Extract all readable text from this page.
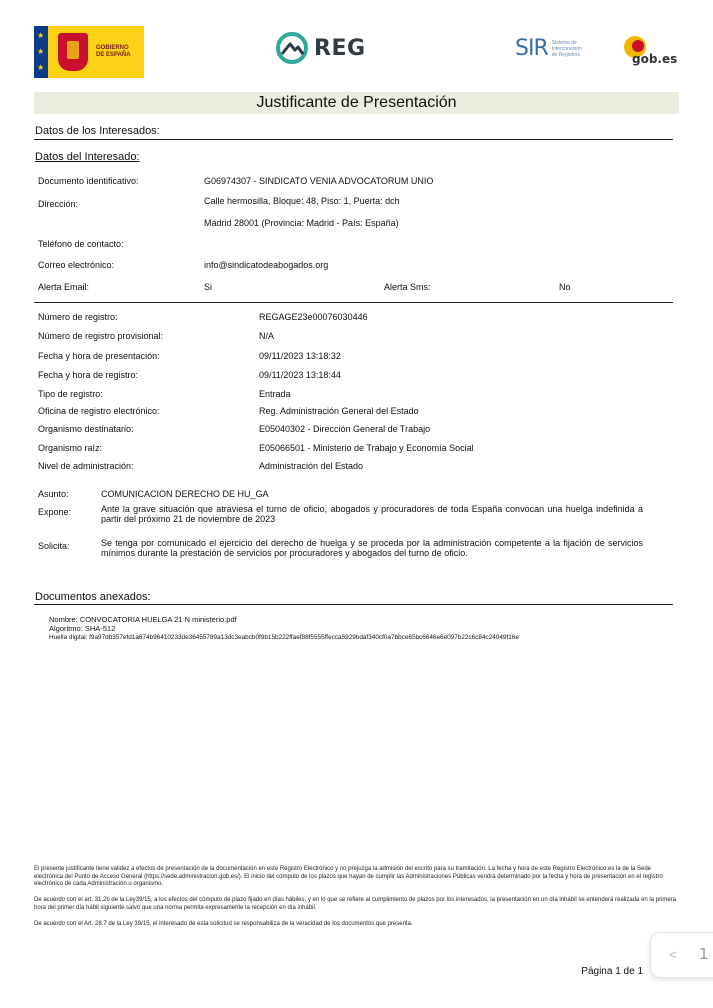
★
★
★
GOBIERNO
DE ESPAÑA	REG	SIR Sistema de
Interconexión
de Registros	gob.es
Justificante de Presentación
Datos de los Interesados:
Datos del Interesado:
Documento identificativo:	G06974307 - SINDICATO VENIA ADVOCATORUM UNIO
Dirección:	Calle hermosilla, Bloque: 48, Piso: 1, Puerta: dch
Madrid 28001 (Provincia: Madrid - País: España)
Teléfono de contacto:
Correo electrónico:	info@sindicatodeabogados.org
Alerta Email:	Si	Alerta Sms:	No
Número de registro:	REGAGE23e00076030446
Número de registro provisional:	N/A
Fecha y hora de presentación:	09/11/2023 13:18:32
Fecha y hora de registro:	09/11/2023 13:18:44
Tipo de registro:	Entrada
Oficina de registro electrónico:	Reg. Administración General del Estado
Organismo destinatario:	E05040302 - Dirección General de Trabajo
Organismo raíz:	E05066501 - Ministerio de Trabajo y Economía Social
Nivel de administración:	Administración del Estado
Asunto:	COMUNICACION DERECHO DE HU_GA
Expone:	Ante la grave situación que atraviesa el turno de oficio, abogados y procuradores de toda España convocan una huelga indefinida a partir del próximo 21 de noviembre de 2023
Solicita:	Se tenga por comunicado el ejercicio del derecho de huelga y se proceda por la administración competente a la fijación de servicios mínimos durante la prestación de servicios por procuradores y abogados del turno de oficio.
Documentos anexados:
Nombre: CONVOCATORIA HUELGA 21 N ministerio.pdf
Algoritmo: SHA-512
Huella digital: f9a97db357efd1a674b96410233de36455789a13dc3eabcb0f9b15b222ffaef88f5555ffecca5929bdaf340cf0a7bbce65bc6646e6e097b22c6c84c24049f16e
El presente justificante tiene validez a efectos de presentación de la documentación en este Registro Electrónico y no prejuzga la admisión del escrito para su tramitación. La fecha y hora de este Registro Electrónico es la de la Sede electrónica del Punto de Acceso General (https://sede.administracion.gob.es/). El inicio del cómputo de los plazos que hayan de cumplir las Administraciones Públicas vendrá determinado por la fecha y hora de presentación en el registro electrónico de cada Administración u organismo.
De acuerdo con el art. 31.2b de la Ley39/15, a los efectos del cómputo de plazo fijado en días hábiles, y en lo que se refiere al cumplimiento de plazos por los interesados, la presentación en un día inhábil se entenderá realizada en la primera hora del primer día hábil siguiente salvo que una norma permita expresamente la recepción en día inhábil.
De acuerdo con el Art. 28.7 de la Ley 39/15, el interesado de esta solicitud se responsabiliza de la veracidad de los documentos que presenta.
Página 1 de 1
< 1
